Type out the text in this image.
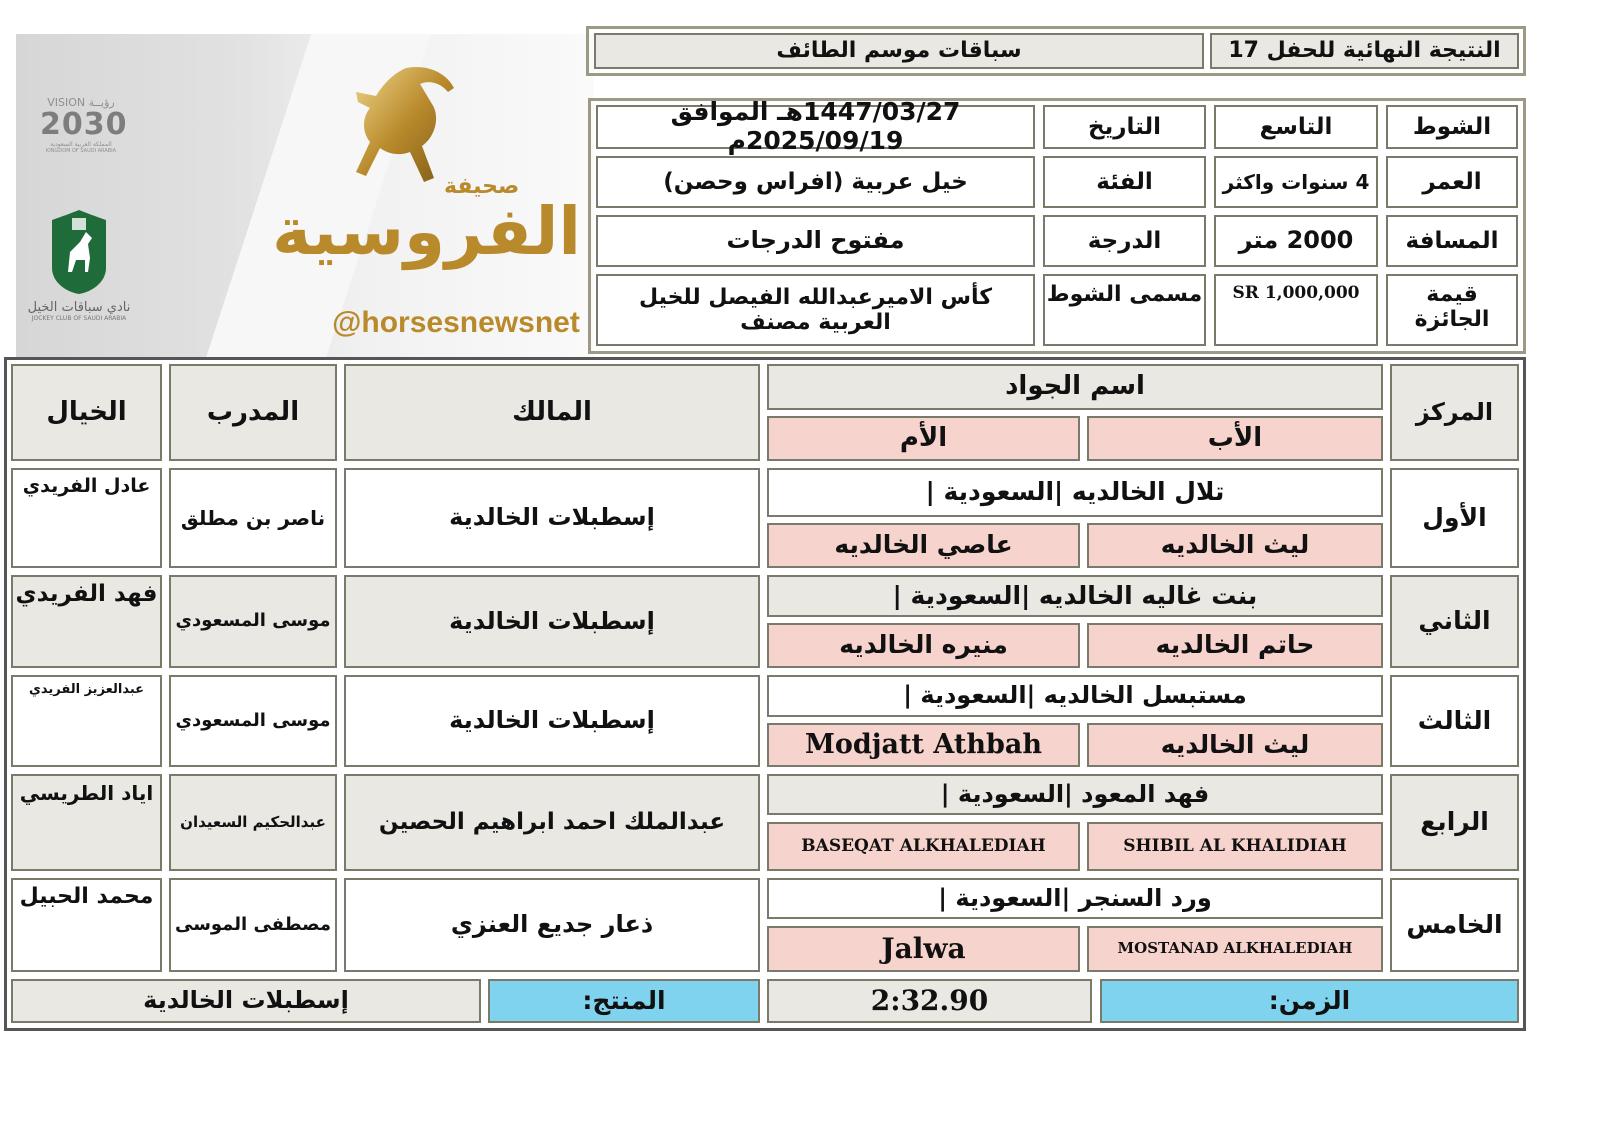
VISION رؤيــة
2030
المملكة العربية السعودية
KINGDOM OF SAUDI ARABIA
نادي سباقات الخيل
JOCKEY CLUB OF SAUDI ARABIA
صحيفة
الفروسية
@horsesnewsnet
سباقات موسم الطائف	النتيجة النهائية للحفل 17
الشوط
التاسع
التاريخ
1447/03/27هـ الموافق 2025/09/19م
العمر
4 سنوات واكثر
الفئة
خيل عربية (افراس وحصن)
المسافة
2000 متر
الدرجة
مفتوح الدرجات
قيمة الجائزة
SR 1,000,000
مسمى الشوط
كأس الاميرعبدالله الفيصل للخيل العربية مصنف
المركز
اسم الجواد
الأب
الأم
المالك
المدرب
الخيال
الأول
تلال الخالديه |السعودية |
ليث الخالديه
عاصي الخالديه
إسطبلات الخالدية
ناصر بن مطلق
عادل الفريدي
الثاني
بنت غاليه الخالديه |السعودية |
حاتم الخالديه
منيره الخالديه
إسطبلات الخالدية
موسى المسعودي
فهد الفريدي
الثالث
مستبسل الخالديه |السعودية |
ليث الخالديه
Modjatt Athbah
إسطبلات الخالدية
موسى المسعودي
عبدالعزيز الفريدي
الرابع
فهد المعود |السعودية |
SHIBIL AL KHALIDIAH
BASEQAT ALKHALEDIAH
عبدالملك احمد ابراهيم الحصين
عبدالحكيم السعيدان
اياد الطريسي
الخامس
ورد السنجر |السعودية |
MOSTANAD ALKHALEDIAH
Jalwa
ذعار جديع العنزي
مصطفى الموسى
محمد الحبيل
الزمن:
2:32.90
المنتج:
إسطبلات الخالدية
